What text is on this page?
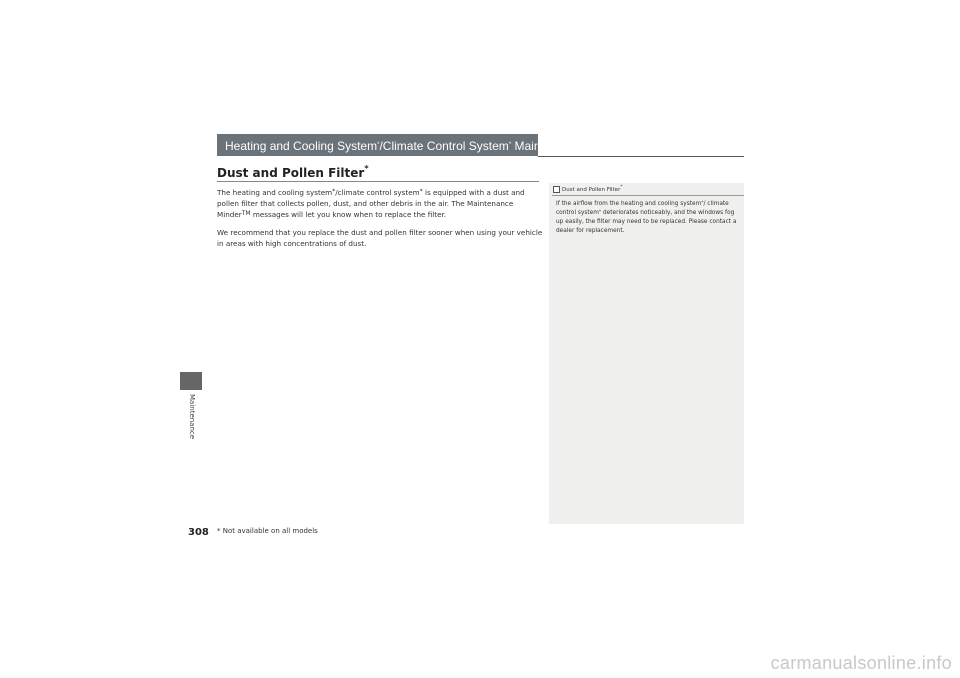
Maintenance
Heating and Cooling System*/Climate Control System* Maintenance
Dust and Pollen Filter*

The heating and cooling system*/climate control system* is equipped with a dust and pollen filter that collects pollen, dust, and other debris in the air. The Maintenance Minder™ messages will let you know when to replace the filter.

We recommend that you replace the dust and pollen filter sooner when using your vehicle in areas with high concentrations of dust.

Dust and Pollen Filter*
If the airflow from the heating and cooling system*/ climate control system* deteriorates noticeably, and the windows fog up easily, the filter may need to be replaced. Please contact a dealer for replacement.
308 * Not available on all models
carmanualsonline.info
